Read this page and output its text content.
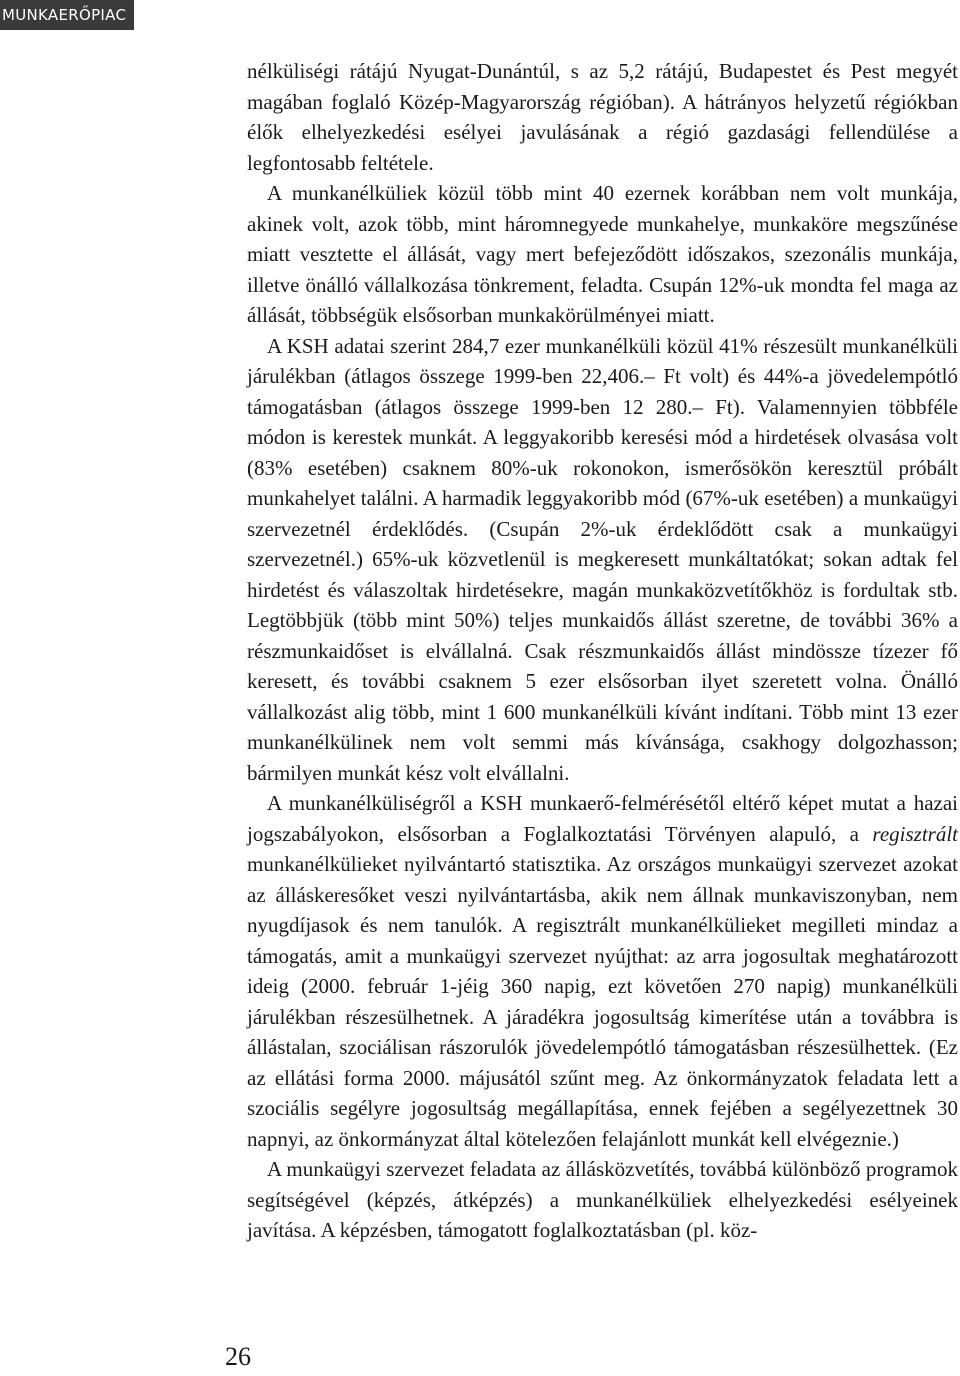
MUNKAERŐPIAC

nélküliségi rátájú Nyugat-Dunántúl, s az 5,2 rátájú, Budapestet és Pest megyét magában foglaló Közép-Magyarország régióban). A hátrányos helyzetű régiókban élők elhelyezkedési esélyei javulásának a régió gazdasági fellendülése a legfontosabb feltétele.

A munkanélküliek közül több mint 40 ezernek korábban nem volt munkája, akinek volt, azok több, mint háromnegyede munkahelye, munkaköre megszűnése miatt vesztette el állását, vagy mert befejeződött időszakos, szezonális munkája, illetve önálló vállalkozása tönkrement, feladta. Csupán 12%-uk mondta fel maga az állását, többségük elsősorban munkakörülményei miatt.

A KSH adatai szerint 284,7 ezer munkanélküli közül 41% részesült munkanélküli járulékban (átlagos összege 1999-ben 22,406.– Ft volt) és 44%-a jövedelempótló támogatásban (átlagos összege 1999-ben 12 280.– Ft). Valamennyien többféle módon is kerestek munkát. A leggyakoribb keresési mód a hirdetések olvasása volt (83% esetében) csaknem 80%-uk rokonokon, ismerősökön keresztül próbált munkahelyet találni. A harmadik leggyakoribb mód (67%-uk esetében) a munkaügyi szervezetnél érdeklődés. (Csupán 2%-uk érdeklődött csak a munkaügyi szervezetnél.) 65%-uk közvetlenül is megkeresett munkáltatókat; sokan adtak fel hirdetést és válaszoltak hirdetésekre, magán munkaközvetítőkhöz is fordultak stb. Legtöbbjük (több mint 50%) teljes munkaidős állást szeretne, de további 36% a részmunkaidőset is elvállalná. Csak részmunkaidős állást mindössze tízezer fő keresett, és további csaknem 5 ezer elsősorban ilyet szeretett volna. Önálló vállalkozást alig több, mint 1 600 munkanélküli kívánt indítani. Több mint 13 ezer munkanélkülinek nem volt semmi más kívánsága, csakhogy dolgozhasson; bármilyen munkát kész volt elvállalni.

A munkanélküliségről a KSH munkaerő-felmérésétől eltérő képet mutat a hazai jogszabályokon, elsősorban a Foglalkoztatási Törvényen alapuló, a regisztrált munkanélkülieket nyilvántartó statisztika. Az országos munkaügyi szervezet azokat az álláskeresőket veszi nyilvántartásba, akik nem állnak munkaviszonyban, nem nyugdíjasok és nem tanulók. A regisztrált munkanélkülieket megilleti mindaz a támogatás, amit a munkaügyi szervezet nyújthat: az arra jogosultak meghatározott ideig (2000. február 1-jéig 360 napig, ezt követően 270 napig) munkanélküli járulékban részesülhetnek. A járadékra jogosultság kimerítése után a továbbra is állástalan, szociálisan rászorulók jövedelempótló támogatásban részesülhettek. (Ez az ellátási forma 2000. májusától szűnt meg. Az önkormányzatok feladata lett a szociális segélyre jogosultság megállapítása, ennek fejében a segélyezettnek 30 napnyi, az önkormányzat által kötelezően felajánlott munkát kell elvégeznie.)

A munkaügyi szervezet feladata az állásközvetítés, továbbá különböző programok segítségével (képzés, átképzés) a munkanélküliek elhelyezkedési esélyeinek javítása. A képzésben, támogatott foglalkoztatásban (pl. köz-

26
